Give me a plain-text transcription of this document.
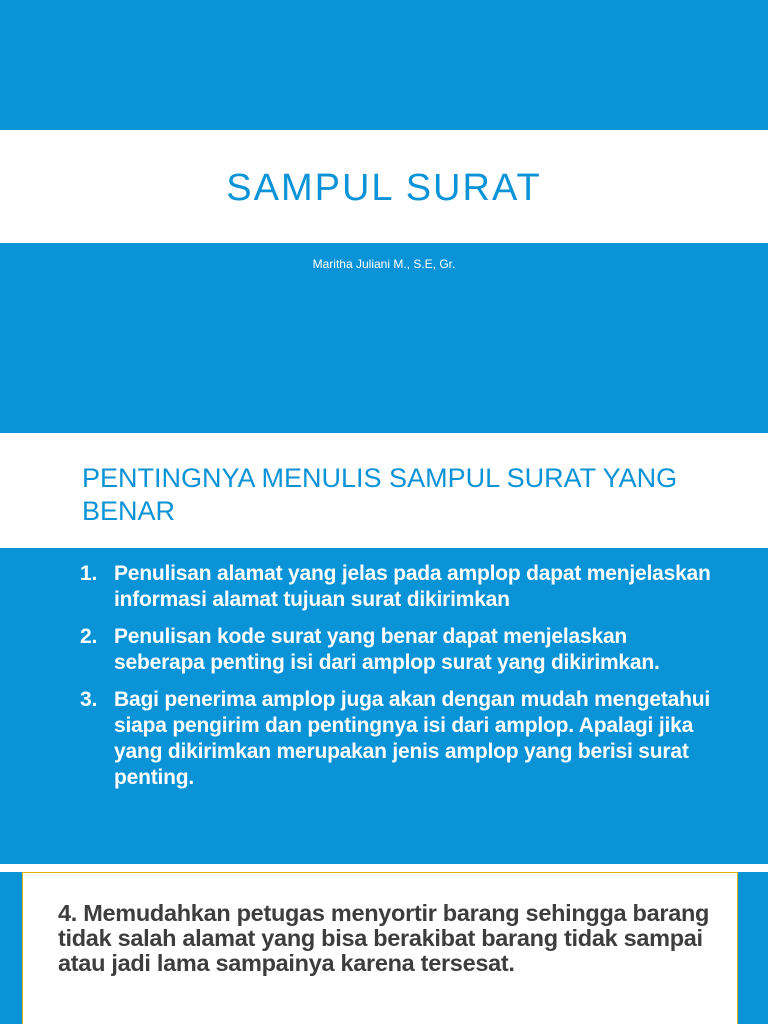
SAMPUL SURAT
Maritha Juliani M., S.E, Gr.
PENTINGNYA MENULIS SAMPUL SURAT YANG BENAR
1. Penulisan alamat yang jelas pada amplop dapat menjelaskan informasi alamat tujuan surat dikirimkan
2. Penulisan kode surat yang benar dapat menjelaskan seberapa penting isi dari amplop surat yang dikirimkan.
3. Bagi penerima amplop juga akan dengan mudah mengetahui siapa pengirim dan pentingnya isi dari amplop. Apalagi jika yang dikirimkan merupakan jenis amplop yang berisi surat penting.
4. Memudahkan petugas menyortir barang sehingga barang tidak salah alamat yang bisa berakibat barang tidak sampai atau jadi lama sampainya karena tersesat.
